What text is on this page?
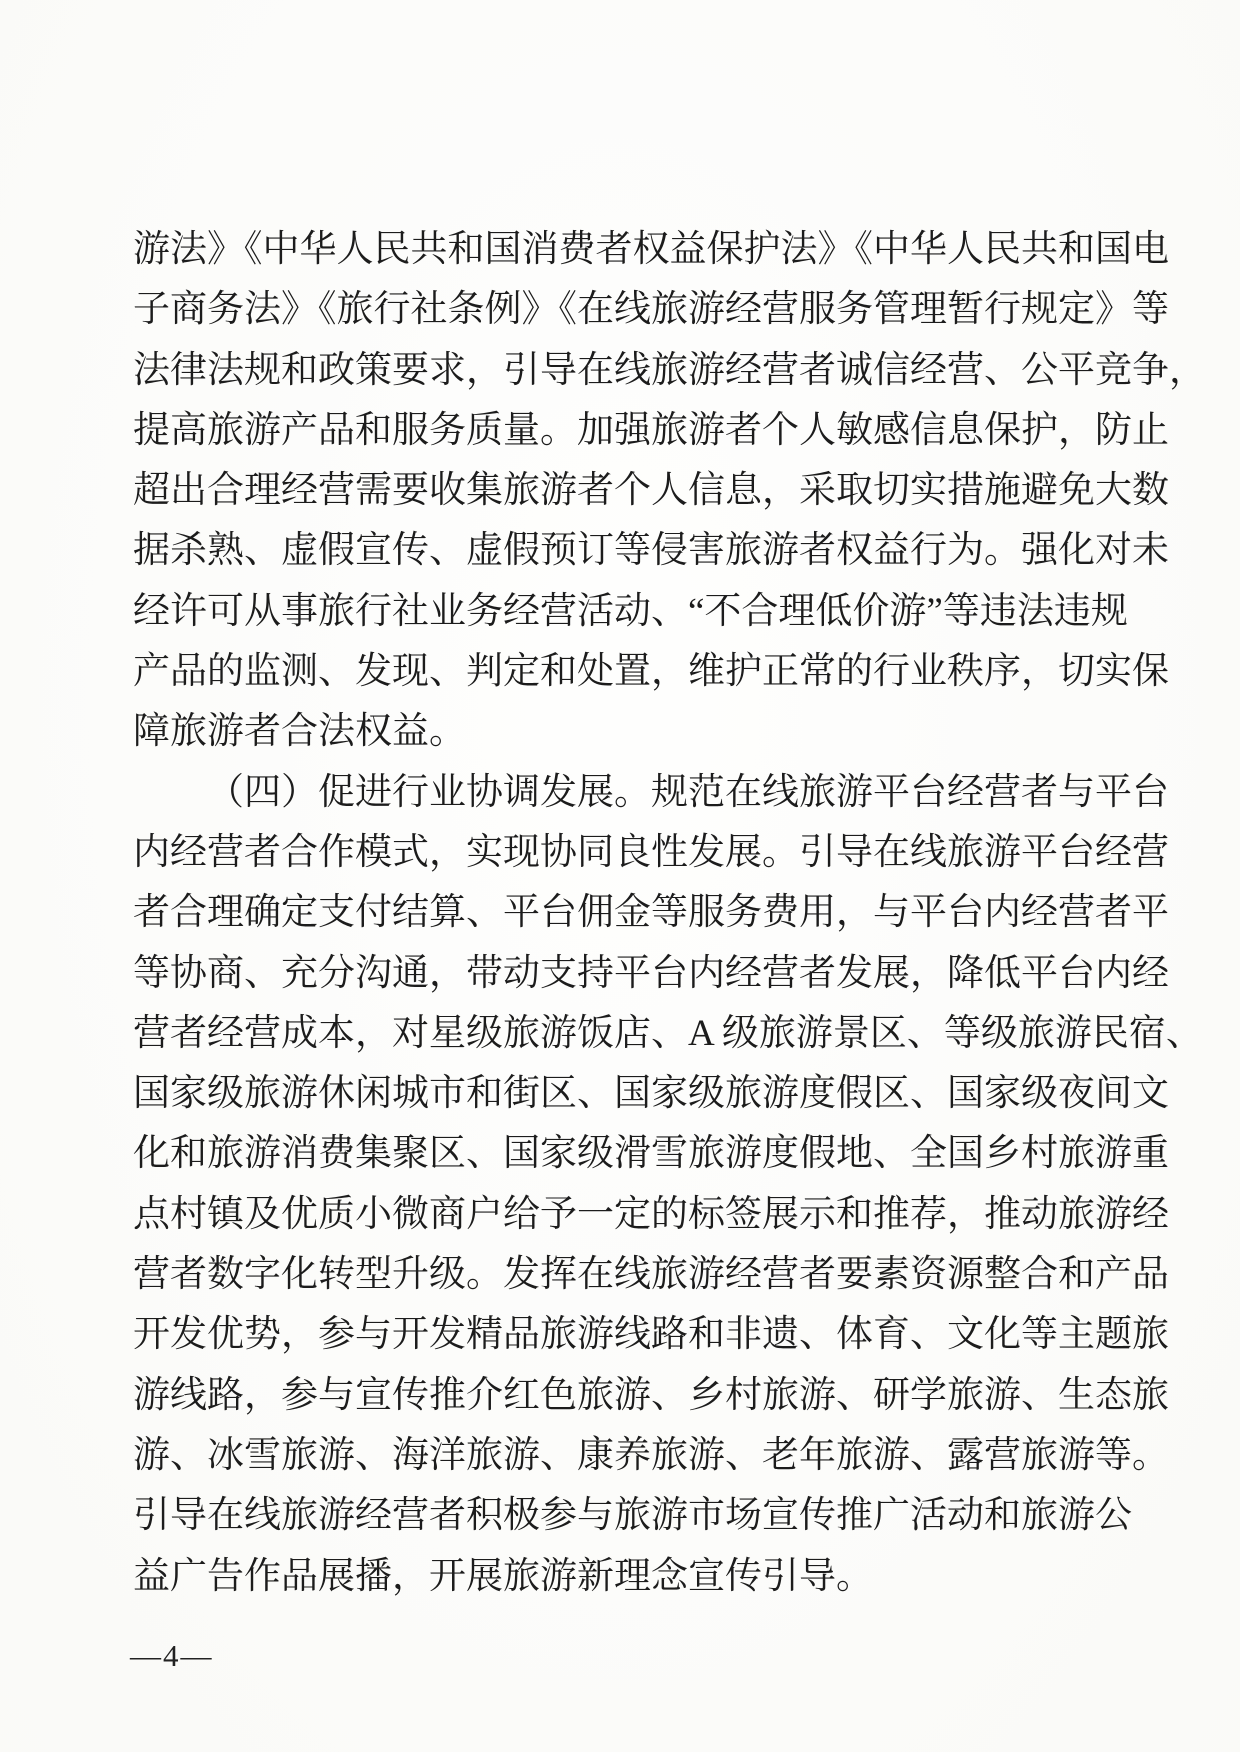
游法》《中华人民共和国消费者权益保护法》《中华人民共和国电
子商务法》《旅行社条例》《在线旅游经营服务管理暂行规定》等
法律法规和政策要求，引导在线旅游经营者诚信经营、公平竞争，
提高旅游产品和服务质量。加强旅游者个人敏感信息保护，防止
超出合理经营需要收集旅游者个人信息，采取切实措施避免大数
据杀熟、虚假宣传、虚假预订等侵害旅游者权益行为。强化对未
经许可从事旅行社业务经营活动、“不合理低价游”等违法违规
产品的监测、发现、判定和处置，维护正常的行业秩序，切实保
障旅游者合法权益。
（四）促进行业协调发展。规范在线旅游平台经营者与平台
内经营者合作模式，实现协同良性发展。引导在线旅游平台经营
者合理确定支付结算、平台佣金等服务费用，与平台内经营者平
等协商、充分沟通，带动支持平台内经营者发展，降低平台内经
营者经营成本，对星级旅游饭店、A 级旅游景区、等级旅游民宿、
国家级旅游休闲城市和街区、国家级旅游度假区、国家级夜间文
化和旅游消费集聚区、国家级滑雪旅游度假地、全国乡村旅游重
点村镇及优质小微商户给予一定的标签展示和推荐，推动旅游经
营者数字化转型升级。发挥在线旅游经营者要素资源整合和产品
开发优势，参与开发精品旅游线路和非遗、体育、文化等主题旅
游线路，参与宣传推介红色旅游、乡村旅游、研学旅游、生态旅
游、冰雪旅游、海洋旅游、康养旅游、老年旅游、露营旅游等。
引导在线旅游经营者积极参与旅游市场宣传推广活动和旅游公
益广告作品展播，开展旅游新理念宣传引导。
—4—
